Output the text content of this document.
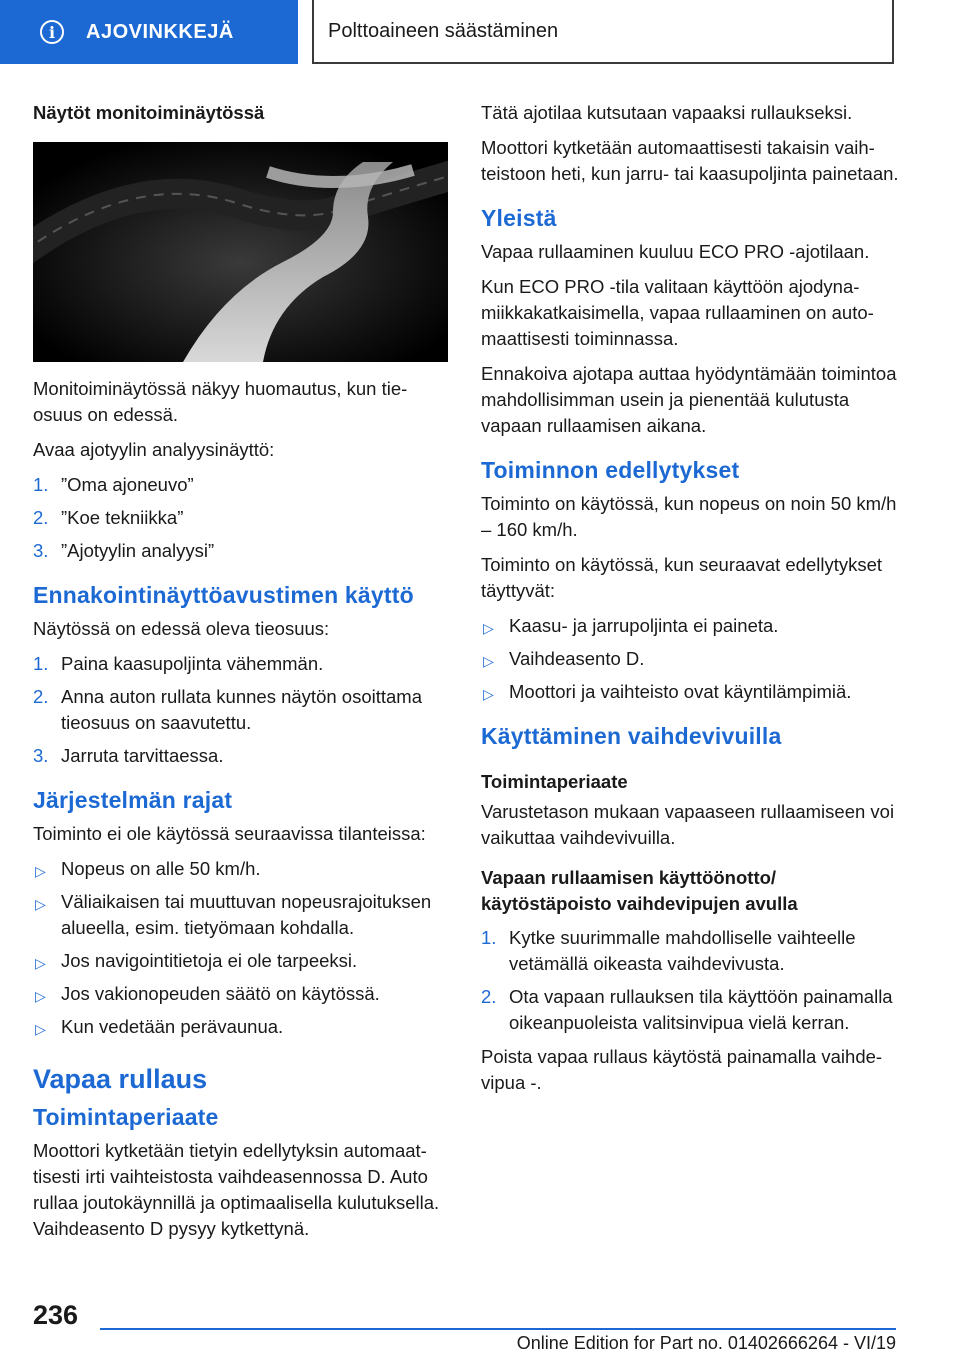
i	AJOVINKKEJÄ	Polttoaineen säästäminen
Näytöt monitoiminäytössä

Monitoiminäytössä näkyy huomautus, kun tieosuus on edessä.

Avaa ajotyylin analyysinäyttö:

1. ”Oma ajoneuvo”
2. ”Koe tekniikka”
3. ”Ajotyylin analyysi”
Ennakointinäyttöavustimen käyttö

Näytössä on edessä oleva tieosuus:

1. Paina kaasupoljinta vähemmän.
2. Anna auton rullata kunnes näytön osoittama tieosuus on saavutettu.
3. Jarruta tarvittaessa.
Järjestelmän rajat

Toiminto ei ole käytössä seuraavissa tilanteissa:

▷ Nopeus on alle 50 km/h.
▷ Väliaikaisen tai muuttuvan nopeusrajoituksen alueella, esim. tietyömaan kohdalla.
▷ Jos navigointitietoja ei ole tarpeeksi.
▷ Jos vakionopeuden säätö on käytössä.
▷ Kun vedetään perävaunua.
Vapaa rullaus
Toimintaperiaate

Moottori kytketään tietyin edellytyksin automaattisesti irti vaihteistosta vaihdeasennossa D. Auto rullaa joutokäynnillä ja optimaalisella kulutuksella. Vaihdeasento D pysyy kytkettynä.

Tätä ajotilaa kutsutaan vapaaksi rullaukseksi.

Moottori kytketään automaattisesti takaisin vaihteistoon heti, kun jarru- tai kaasupoljinta painetaan.

Yleistä

Vapaa rullaaminen kuuluu ECO PRO -ajotilaan.

Kun ECO PRO -tila valitaan käyttöön ajodynamiikkakatkaisimella, vapaa rullaaminen on automaattisesti toiminnassa.

Ennakoiva ajotapa auttaa hyödyntämään toimintoa mahdollisimman usein ja pienentää kulutusta vapaan rullaamisen aikana.

Toiminnon edellytykset

Toiminto on käytössä, kun nopeus on noin 50 km/h – 160 km/h.

Toiminto on käytössä, kun seuraavat edellytykset täyttyvät:

▷ Kaasu- ja jarrupoljinta ei paineta.
▷ Vaihdeasento D.
▷ Moottori ja vaihteisto ovat käyntilämpimiä.
Käyttäminen vaihdevivuilla
Toimintaperiaate

Varustetason mukaan vapaaseen rullaamiseen voi vaikuttaa vaihdevivuilla.

Vapaan rullaamisen käyttöönotto/ käytöstäpoisto vaihdevipujen avulla
1. Kytke suurimmalle mahdolliselle vaihteelle vetämällä oikeasta vaihdevivusta.
2. Ota vapaan rullauksen tila käyttöön painamalla oikeanpuoleista valitsinvipua vielä kerran.

Poista vapaa rullaus käytöstä painamalla vaihdevipua -.

236
Online Edition for Part no. 01402666264 - VI/19
